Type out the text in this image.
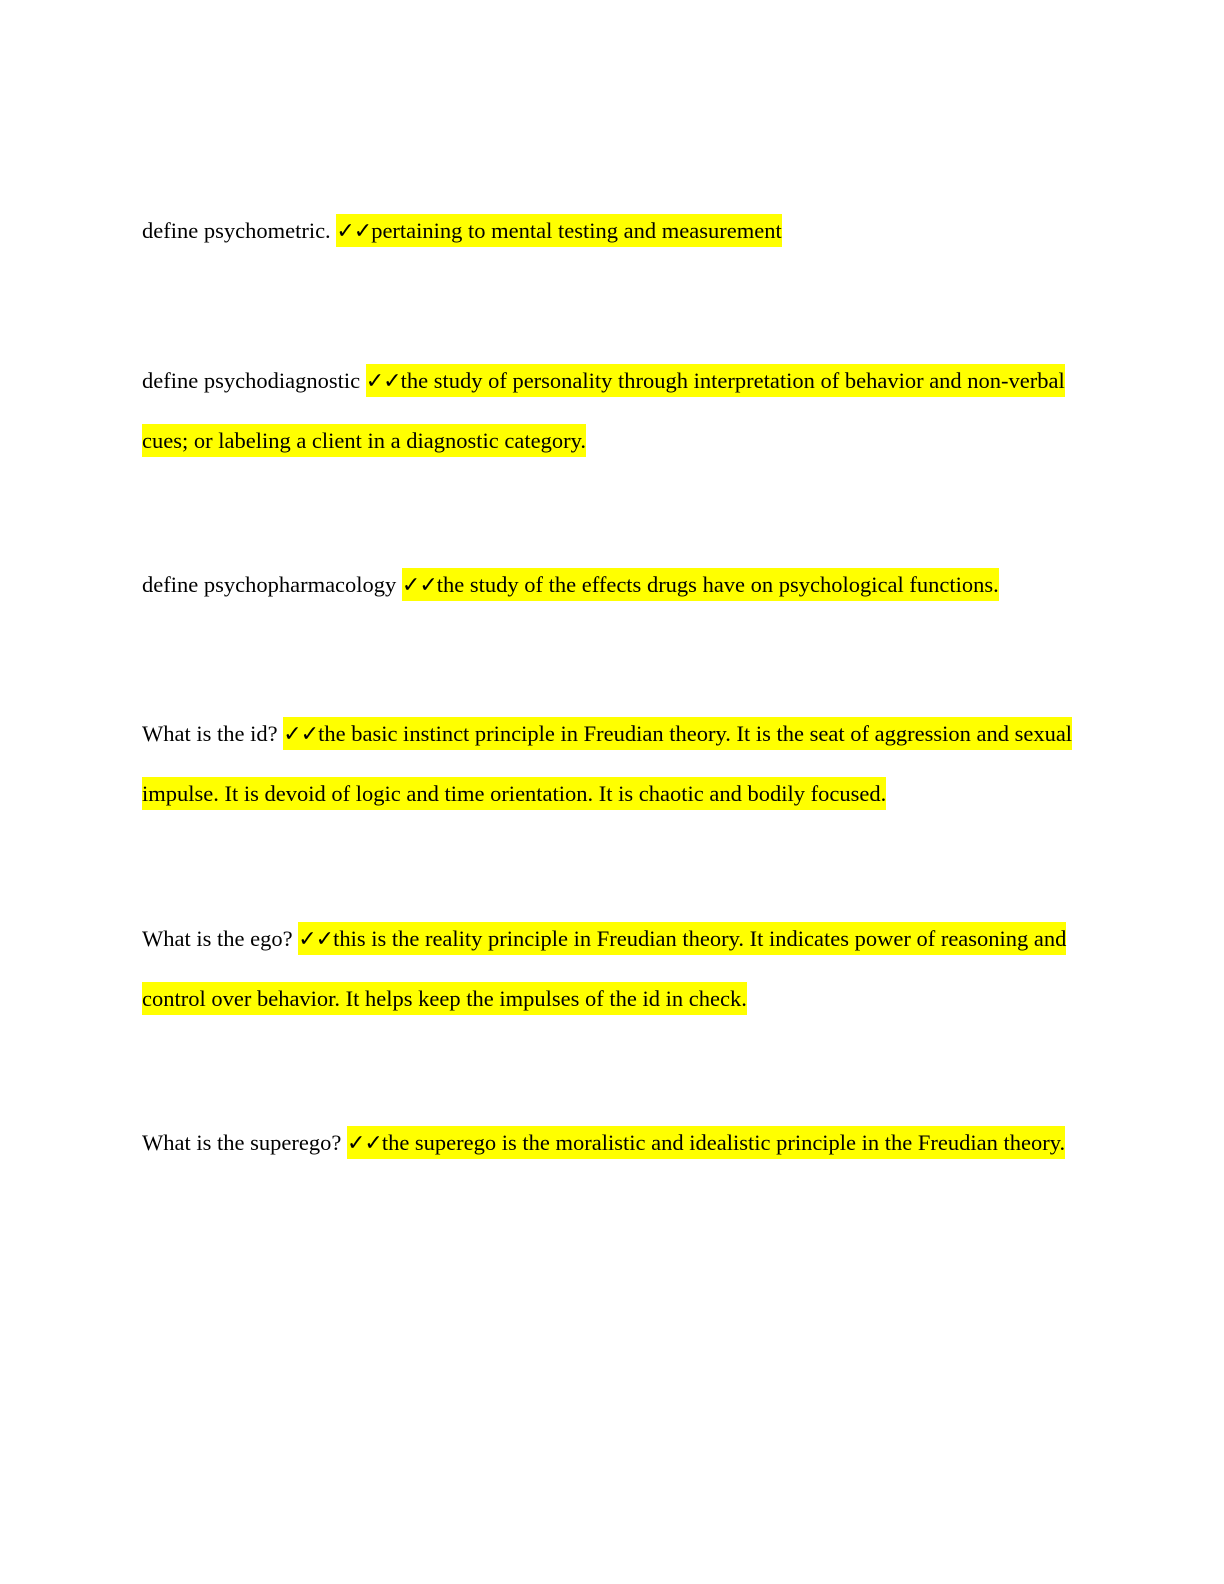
define psychometric. ✓✓pertaining to mental testing and measurement

define psychodiagnostic ✓✓the study of personality through interpretation of behavior and non-verbal cues; or labeling a client in a diagnostic category.

define psychopharmacology ✓✓the study of the effects drugs have on psychological functions.

What is the id? ✓✓the basic instinct principle in Freudian theory. It is the seat of aggression and sexual impulse. It is devoid of logic and time orientation. It is chaotic and bodily focused.

What is the ego? ✓✓this is the reality principle in Freudian theory. It indicates power of reasoning and control over behavior. It helps keep the impulses of the id in check.

What is the superego? ✓✓the superego is the moralistic and idealistic principle in the Freudian theory.
